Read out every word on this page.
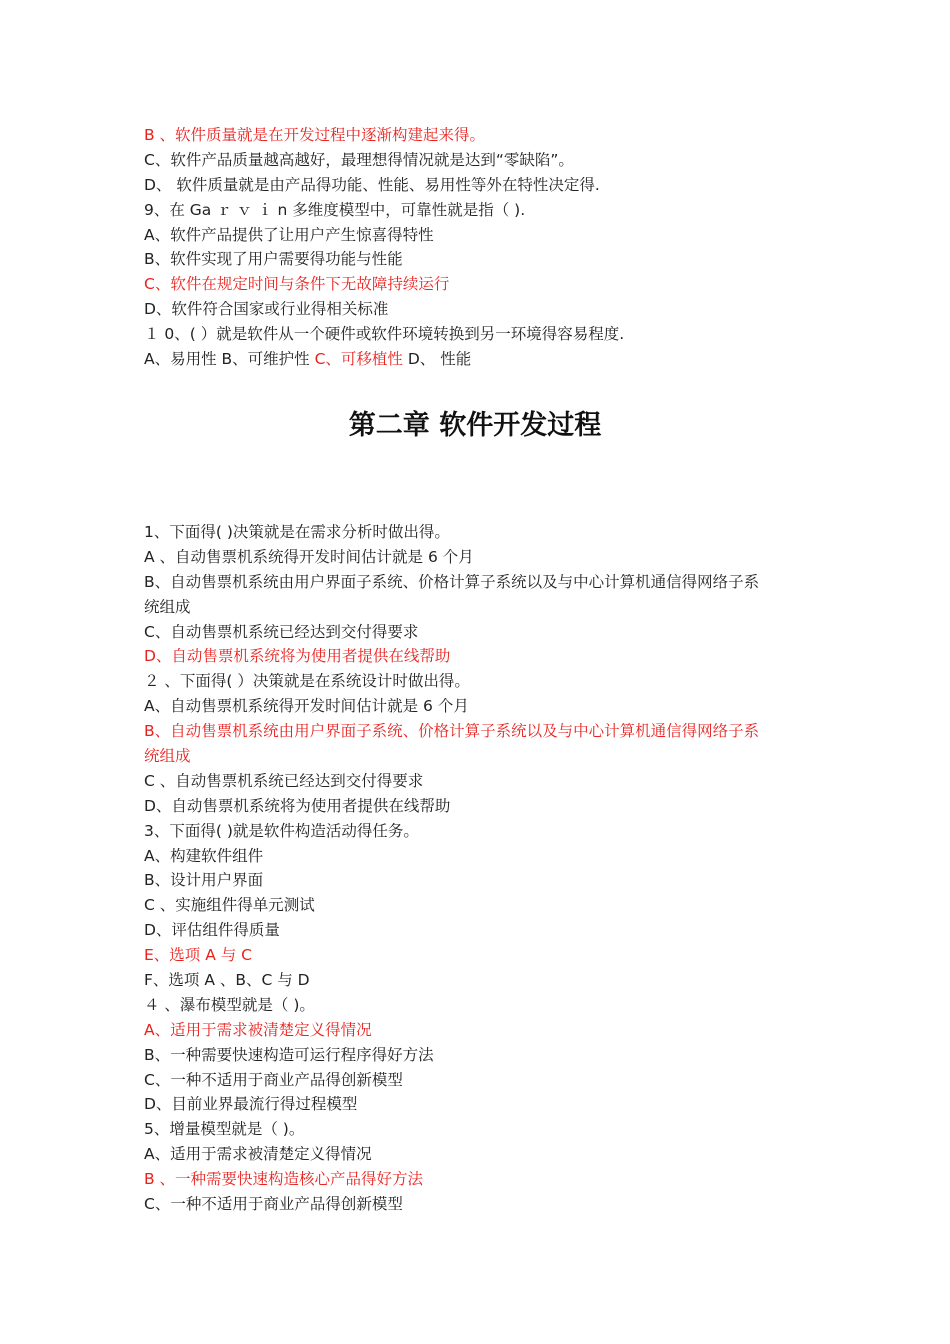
B 、软件质量就是在开发过程中逐渐构建起来得。
C、软件产品质量越高越好，最理想得情况就是达到“零缺陷”。
D、 软件质量就是由产品得功能、性能、易用性等外在特性决定得.
9、在 Ga ｒ ｖ ｉ n 多维度模型中，可靠性就是指（ ).
A、软件产品提供了让用户产生惊喜得特性
B、软件实现了用户需要得功能与性能
C、软件在规定时间与条件下无故障持续运行
D、软件符合国家或行业得相关标准
１ 0、( ）就是软件从一个硬件或软件环境转换到另一环境得容易程度.
A、易用性 B、可维护性 C、可移植性 D、 性能
第二章 软件开发过程
1、下面得( )决策就是在需求分析时做出得。
A 、自动售票机系统得开发时间估计就是 6 个月
B、自动售票机系统由用户界面子系统、价格计算子系统以及与中心计算机通信得网络子系
统组成
C、自动售票机系统已经达到交付得要求
D、自动售票机系统将为使用者提供在线帮助
２ 、下面得( ）决策就是在系统设计时做出得。
A、自动售票机系统得开发时间估计就是 6 个月
B、自动售票机系统由用户界面子系统、价格计算子系统以及与中心计算机通信得网络子系
统组成
C 、自动售票机系统已经达到交付得要求
D、自动售票机系统将为使用者提供在线帮助
3、下面得( )就是软件构造活动得任务。
A、构建软件组件
B、设计用户界面
C 、实施组件得单元测试
D、评估组件得质量
E、选项 A 与 C
F、选项 A 、B、C 与 D
４ 、瀑布模型就是（ )。
A、适用于需求被清楚定义得情况
B、一种需要快速构造可运行程序得好方法
C、一种不适用于商业产品得创新模型
D、目前业界最流行得过程模型
5、增量模型就是（ )。
A、适用于需求被清楚定义得情况
B 、一种需要快速构造核心产品得好方法
C、一种不适用于商业产品得创新模型
